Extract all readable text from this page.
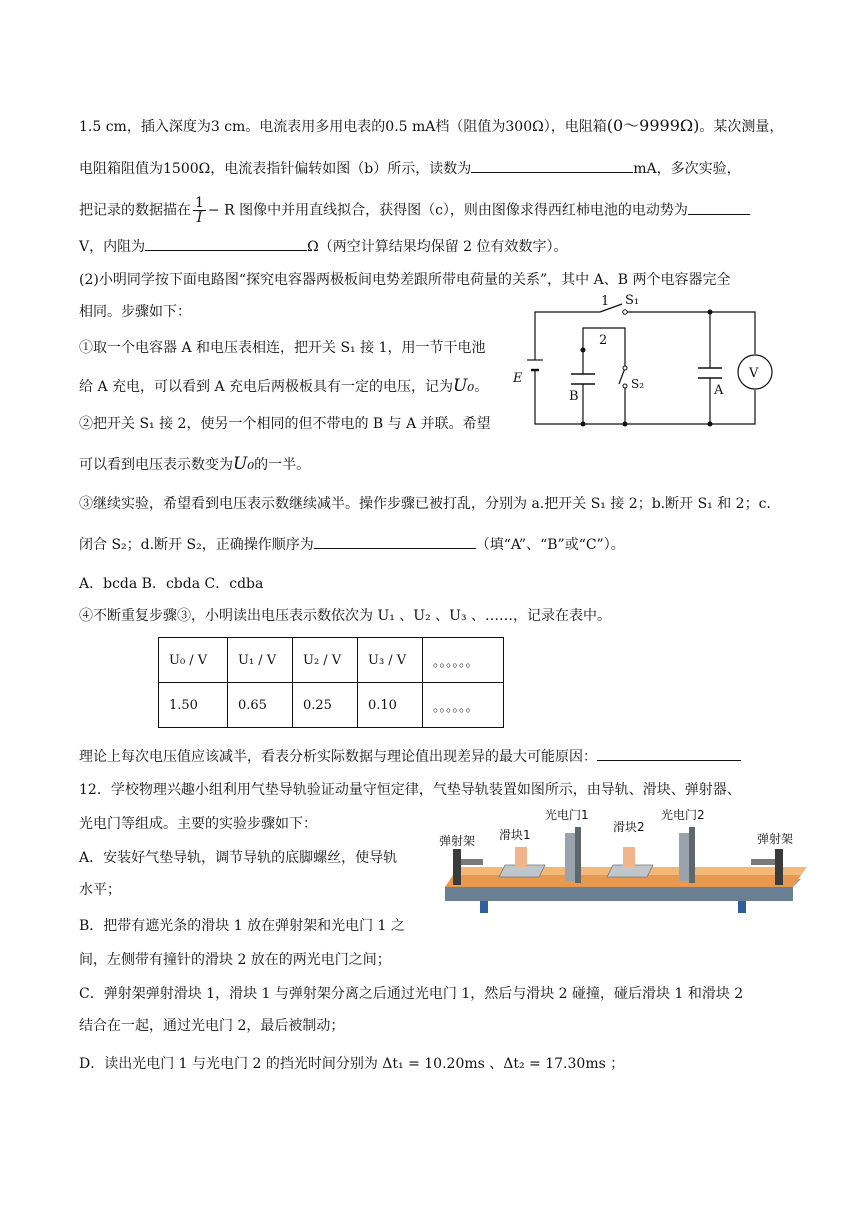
1.5 cm，插入深度为3 cm。电流表用多用电表的0.5 mA档（阻值为300Ω），电阻箱(0～9999Ω)。某次测量，
电阻箱阻值为1500Ω，电流表指针偏转如图（b）所示，读数为	mA，多次实验，
把记录的数据描在 $\frac{1}{I} - R$ 图像中并用直线拟合，获得图（c），则由图像求得西红柿电池的电动势为
V，内阻为	Ω（两空计算结果均保留 2 位有效数字）。
(2)小明同学按下面电路图“探究电容器两极板间电势差跟所带电荷量的关系”，其中 A、B 两个电容器完全
相同。步骤如下：
①取一个电容器 A 和电压表相连，把开关 S₁ 接 1，用一节干电池
给 A 充电，可以看到 A 充电后两极板具有一定的电压，记为U₀。
②把开关 S₁ 接 2，使另一个相同的但不带电的 B 与 A 并联。希望
可以看到电压表示数变为U₀的一半。
③继续实验，希望看到电压表示数继续减半。操作步骤已被打乱，分别为 a.把开关 S₁ 接 2；b.断开 S₁ 和 2；c.
闭合 S₂；d.断开 S₂，正确操作顺序为	（填“A”、“B”或“C”）。
A．bcda B．cbda C．cdba
④不断重复步骤③，小明读出电压表示数依次为 U₁ 、U₂ 、U₃ 、……，记录在表中。
U₀ / V	U₁ / V	U₂ / V	U₃ / V	。。。。。。
1.50	0.65	0.25	0.10	。。。。。。
理论上每次电压值应该减半，看表分析实际数据与理论值出现差异的最大可能原因：
12．学校物理兴趣小组利用气垫导轨验证动量守恒定律，气垫导轨装置如图所示，由导轨、滑块、弹射器、
光电门等组成。主要的实验步骤如下：
A．安装好气垫导轨，调节导轨的底脚螺丝，使导轨
水平；
B．把带有遮光条的滑块 1 放在弹射架和光电门 1 之
间，左侧带有撞针的滑块 2 放在的两光电门之间；
C．弹射架弹射滑块 1，滑块 1 与弹射架分离之后通过光电门 1，然后与滑块 2 碰撞，碰后滑块 1 和滑块 2
结合在一起，通过光电门 2，最后被制动；
D．读出光电门 1 与光电门 2 的挡光时间分别为 Δt₁ = 10.20ms 、Δt₂ = 17.30ms ；
1 S₁
2
S₂
E
B	A
V
弹射架 滑块1
光电门1
滑块2
光电门2
弹射架
